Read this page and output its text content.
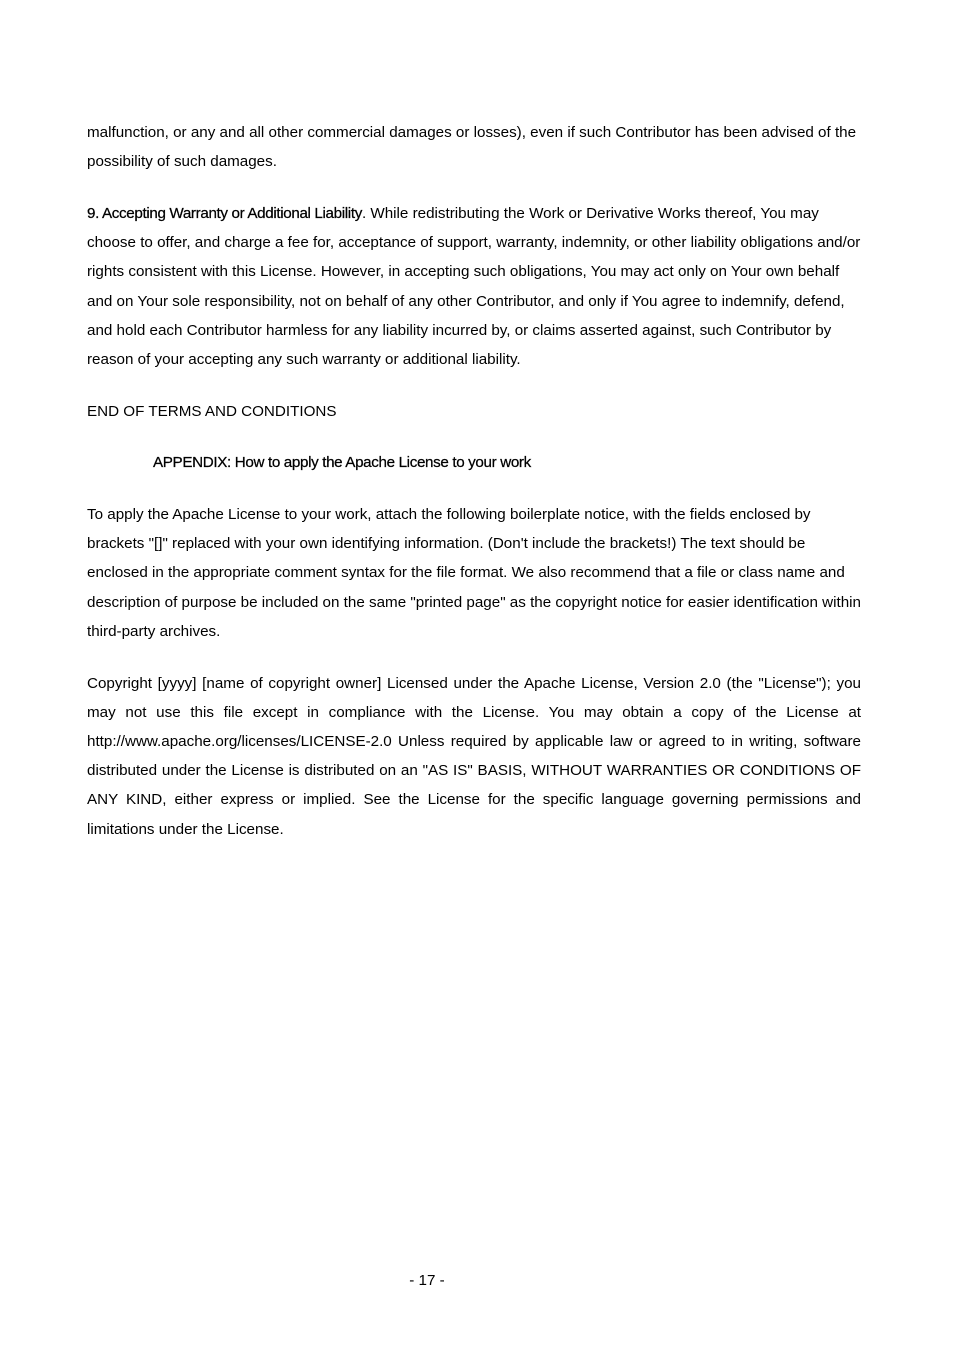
malfunction, or any and all other commercial damages or losses), even if such Contributor has been advised of the possibility of such damages.

9. Accepting Warranty or Additional Liability. While redistributing the Work or Derivative Works thereof, You may choose to offer, and charge a fee for, acceptance of support, warranty, indemnity, or other liability obligations and/or rights consistent with this License. However, in accepting such obligations, You may act only on Your own behalf and on Your sole responsibility, not on behalf of any other Contributor, and only if You agree to indemnify, defend, and hold each Contributor harmless for any liability incurred by, or claims asserted against, such Contributor by reason of your accepting any such warranty or additional liability.

END OF TERMS AND CONDITIONS

APPENDIX: How to apply the Apache License to your work

To apply the Apache License to your work, attach the following boilerplate notice, with the fields enclosed by brackets "[]" replaced with your own identifying information. (Don't include the brackets!) The text should be enclosed in the appropriate comment syntax for the file format. We also recommend that a file or class name and description of purpose be included on the same "printed page" as the copyright notice for easier identification within third-party archives.

Copyright [yyyy] [name of copyright owner] Licensed under the Apache License, Version 2.0 (the "License"); you may not use this file except in compliance with the License. You may obtain a copy of the License at http://www.apache.org/licenses/LICENSE-2.0 Unless required by applicable law or agreed to in writing, software distributed under the License is distributed on an "AS IS" BASIS, WITHOUT WARRANTIES OR CONDITIONS OF ANY KIND, either express or implied. See the License for the specific language governing permissions and limitations under the License.

- 17 -
